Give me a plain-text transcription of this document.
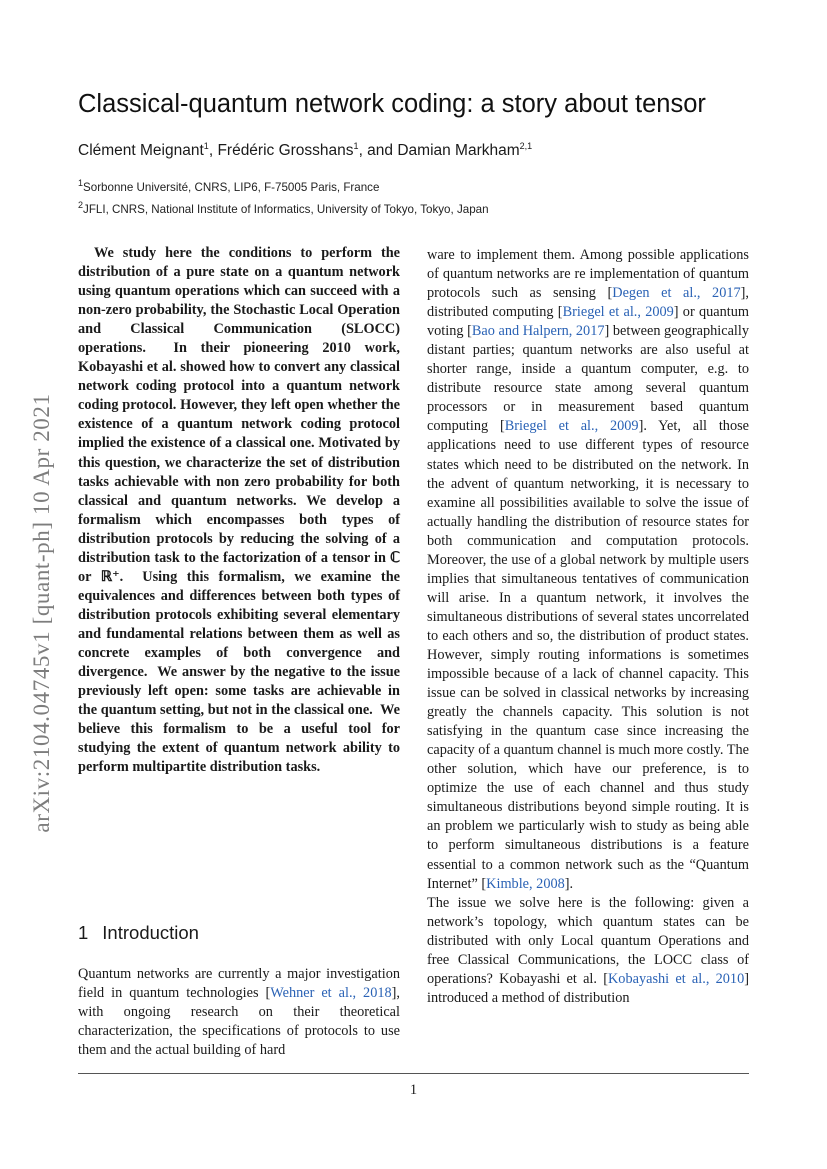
arXiv:2104.04745v1 [quant-ph] 10 Apr 2021
Classical-quantum network coding: a story about tensor
Clément Meignant$^1$, Frédéric Grosshans$^1$, and Damian Markham$^{2,1}$
$^1$Sorbonne Université, CNRS, LIP6, F-75005 Paris, France
$^2$JFLI, CNRS, National Institute of Informatics, University of Tokyo, Tokyo, Japan

We study here the conditions to perform the distribution of a pure state on a quantum network using quantum operations which can succeed with a non-zero probability, the Stochastic Local Operation and Classical Communication (SLOCC) operations. In their pioneering 2010 work, Kobayashi et al. showed how to convert any classical network coding protocol into a quantum network coding protocol. However, they left open whether the existence of a quantum network coding protocol implied the existence of a classical one. Motivated by this question, we characterize the set of distribution tasks achievable with non zero probability for both classical and quantum networks. We develop a formalism which encompasses both types of distribution protocols by reducing the solving of a distribution task to the factorization of a tensor in ℂ or ℝ⁺. Using this formalism, we examine the equivalences and differences between both types of distribution protocols exhibiting several elementary and fundamental relations between them as well as concrete examples of both convergence and divergence. We answer by the negative to the issue previously left open: some tasks are achievable in the quantum setting, but not in the classical one. We believe this formalism to be a useful tool for studying the extent of quantum network ability to perform multipartite distribution tasks.

1 Introduction

Quantum networks are currently a major investigation field in quantum technologies [Wehner et al., 2018], with ongoing research on their theoretical characterization, the specifications of protocols to use them and the actual building of hard

ware to implement them. Among possible applications of quantum networks are re implementation of quantum protocols such as sensing [Degen et al., 2017], distributed computing [Briegel et al., 2009] or quantum voting [Bao and Halpern, 2017] between geographically distant parties; quantum networks are also useful at shorter range, inside a quantum computer, e.g. to distribute resource state among several quantum processors or in measurement based quantum computing [Briegel et al., 2009]. Yet, all those applications need to use different types of resource states which need to be distributed on the network. In the advent of quantum networking, it is necessary to examine all possibilities available to solve the issue of actually handling the distribution of resource states for both communication and computation protocols. Moreover, the use of a global network by multiple users implies that simultaneous tentatives of communication will arise. In a quantum network, it involves the simultaneous distributions of several states uncorrelated to each others and so, the distribution of product states. However, simply routing informations is sometimes impossible because of a lack of channel capacity. This issue can be solved in classical networks by increasing greatly the channels capacity. This solution is not satisfying in the quantum case since increasing the capacity of a quantum channel is much more costly. The other solution, which have our preference, is to optimize the use of each channel and thus study simultaneous distributions beyond simple routing. It is an problem we particularly wish to study as being able to perform simultaneous distributions is a feature essential to a common network such as the “Quantum Internet” [Kimble, 2008].

The issue we solve here is the following: given a network’s topology, which quantum states can be distributed with only Local quantum Operations and free Classical Communications, the LOCC class of operations? Kobayashi et al. [Kobayashi et al., 2010] introduced a method of distribution

1
